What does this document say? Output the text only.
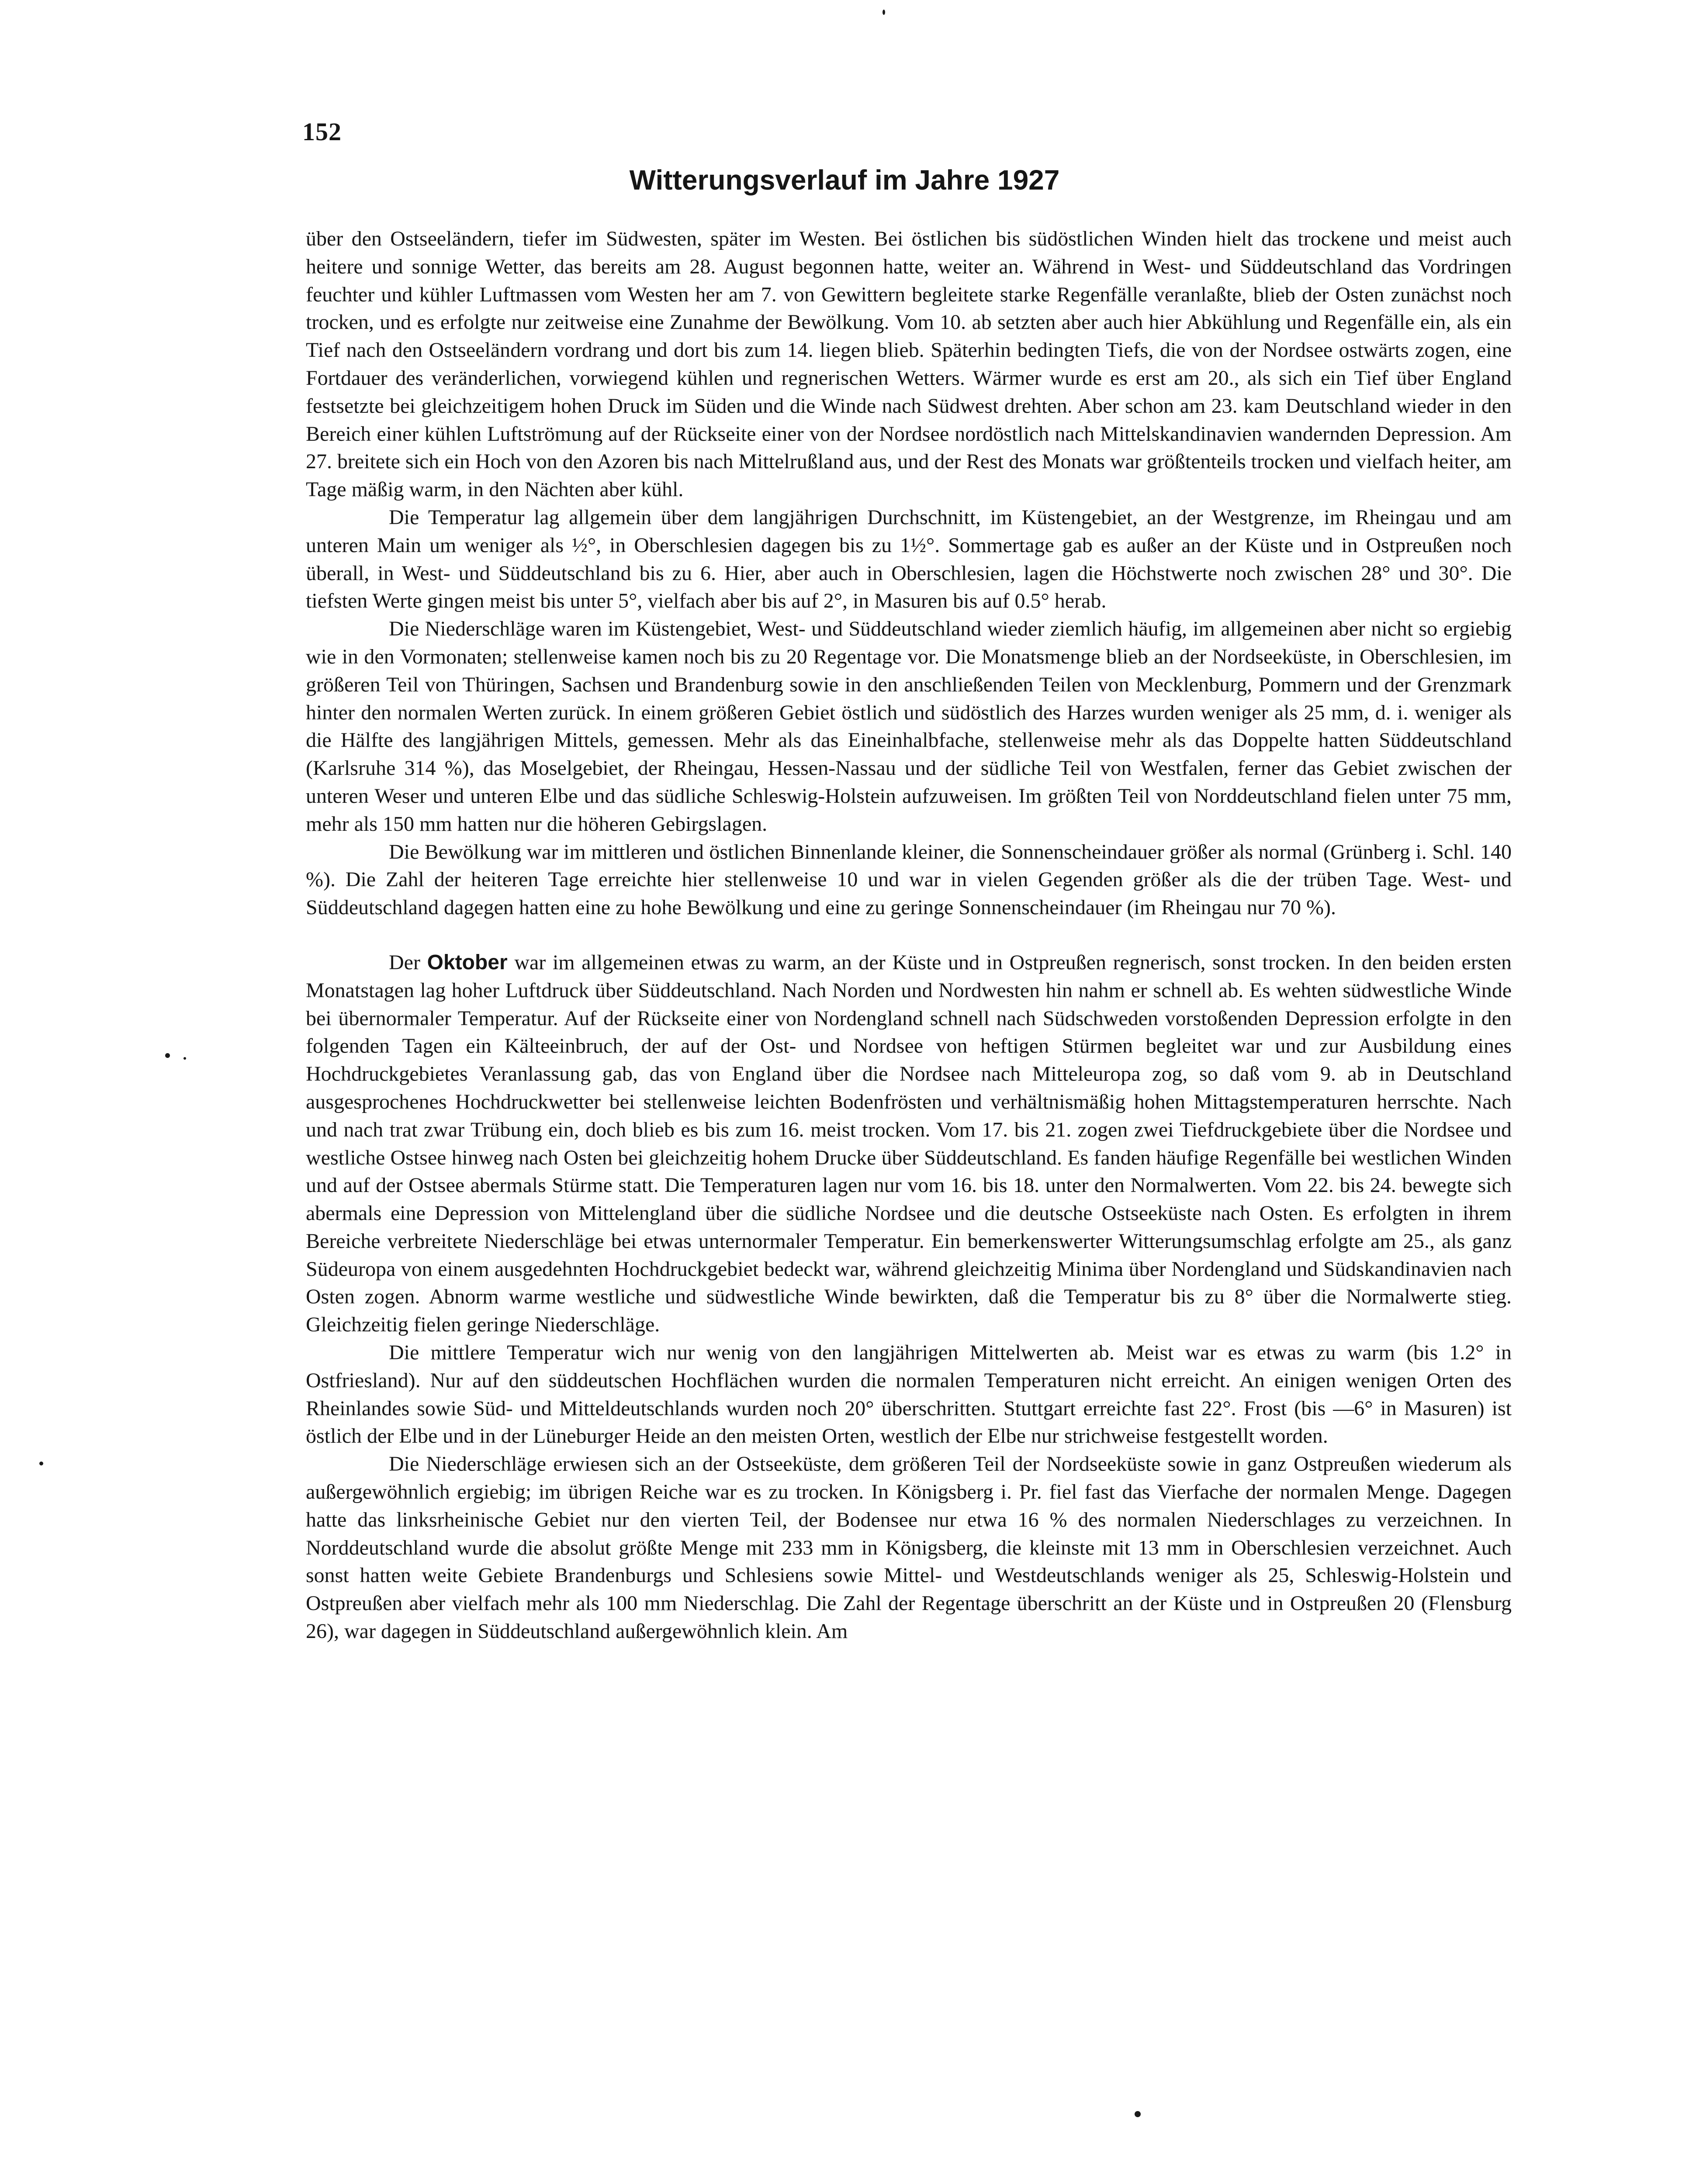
152
Witterungsverlauf im Jahre 1927

über den Ostseeländern, tiefer im Südwesten, später im Westen. Bei östlichen bis südöstlichen Winden hielt das trockene und meist auch heitere und sonnige Wetter, das bereits am 28. August begonnen hatte, weiter an. Während in West- und Süddeutschland das Vordringen feuchter und kühler Luftmassen vom Westen her am 7. von Gewittern begleitete starke Regenfälle veranlaßte, blieb der Osten zunächst noch trocken, und es erfolgte nur zeitweise eine Zunahme der Bewölkung. Vom 10. ab setzten aber auch hier Abkühlung und Regenfälle ein, als ein Tief nach den Ostseeländern vordrang und dort bis zum 14. liegen blieb. Späterhin bedingten Tiefs, die von der Nordsee ostwärts zogen, eine Fortdauer des veränderlichen, vorwiegend kühlen und regnerischen Wetters. Wärmer wurde es erst am 20., als sich ein Tief über England festsetzte bei gleichzeitigem hohen Druck im Süden und die Winde nach Südwest drehten. Aber schon am 23. kam Deutschland wieder in den Bereich einer kühlen Luftströmung auf der Rückseite einer von der Nordsee nordöstlich nach Mittelskandinavien wandernden Depression. Am 27. breitete sich ein Hoch von den Azoren bis nach Mittelrußland aus, und der Rest des Monats war größtenteils trocken und vielfach heiter, am Tage mäßig warm, in den Nächten aber kühl.

Die Temperatur lag allgemein über dem langjährigen Durchschnitt, im Küstengebiet, an der Westgrenze, im Rheingau und am unteren Main um weniger als ½°, in Oberschlesien dagegen bis zu 1½°. Sommertage gab es außer an der Küste und in Ostpreußen noch überall, in West- und Süddeutschland bis zu 6. Hier, aber auch in Oberschlesien, lagen die Höchstwerte noch zwischen 28° und 30°. Die tiefsten Werte gingen meist bis unter 5°, vielfach aber bis auf 2°, in Masuren bis auf 0.5° herab.

Die Niederschläge waren im Küstengebiet, West- und Süddeutschland wieder ziemlich häufig, im allgemeinen aber nicht so ergiebig wie in den Vormonaten; stellenweise kamen noch bis zu 20 Regentage vor. Die Monatsmenge blieb an der Nordseeküste, in Oberschlesien, im größeren Teil von Thüringen, Sachsen und Brandenburg sowie in den anschließenden Teilen von Mecklenburg, Pommern und der Grenzmark hinter den normalen Werten zurück. In einem größeren Gebiet östlich und südöstlich des Harzes wurden weniger als 25 mm, d. i. weniger als die Hälfte des langjährigen Mittels, gemessen. Mehr als das Eineinhalbfache, stellenweise mehr als das Doppelte hatten Süddeutschland (Karlsruhe 314 %), das Moselgebiet, der Rheingau, Hessen-Nassau und der südliche Teil von Westfalen, ferner das Gebiet zwischen der unteren Weser und unteren Elbe und das südliche Schleswig-Holstein aufzuweisen. Im größten Teil von Norddeutschland fielen unter 75 mm, mehr als 150 mm hatten nur die höheren Gebirgslagen.

Die Bewölkung war im mittleren und östlichen Binnenlande kleiner, die Sonnenscheindauer größer als normal (Grünberg i. Schl. 140 %). Die Zahl der heiteren Tage erreichte hier stellenweise 10 und war in vielen Gegenden größer als die der trüben Tage. West- und Süddeutschland dagegen hatten eine zu hohe Bewölkung und eine zu geringe Sonnenscheindauer (im Rheingau nur 70 %).

Der Oktober war im allgemeinen etwas zu warm, an der Küste und in Ostpreußen regnerisch, sonst trocken. In den beiden ersten Monatstagen lag hoher Luftdruck über Süddeutschland. Nach Norden und Nordwesten hin nahm er schnell ab. Es wehten südwestliche Winde bei übernormaler Temperatur. Auf der Rückseite einer von Nordengland schnell nach Südschweden vorstoßenden Depression erfolgte in den folgenden Tagen ein Kälteeinbruch, der auf der Ost- und Nordsee von heftigen Stürmen begleitet war und zur Ausbildung eines Hochdruckgebietes Veranlassung gab, das von England über die Nordsee nach Mitteleuropa zog, so daß vom 9. ab in Deutschland ausgesprochenes Hochdruckwetter bei stellenweise leichten Bodenfrösten und verhältnismäßig hohen Mittagstemperaturen herrschte. Nach und nach trat zwar Trübung ein, doch blieb es bis zum 16. meist trocken. Vom 17. bis 21. zogen zwei Tiefdruckgebiete über die Nordsee und westliche Ostsee hinweg nach Osten bei gleichzeitig hohem Drucke über Süddeutschland. Es fanden häufige Regenfälle bei westlichen Winden und auf der Ostsee abermals Stürme statt. Die Temperaturen lagen nur vom 16. bis 18. unter den Normalwerten. Vom 22. bis 24. bewegte sich abermals eine Depression von Mittelengland über die südliche Nordsee und die deutsche Ostseeküste nach Osten. Es erfolgten in ihrem Bereiche verbreitete Niederschläge bei etwas unternormaler Temperatur. Ein bemerkenswerter Witterungsumschlag erfolgte am 25., als ganz Südeuropa von einem ausgedehnten Hochdruckgebiet bedeckt war, während gleichzeitig Minima über Nordengland und Südskandinavien nach Osten zogen. Abnorm warme westliche und südwestliche Winde bewirkten, daß die Temperatur bis zu 8° über die Normalwerte stieg. Gleichzeitig fielen geringe Niederschläge.

Die mittlere Temperatur wich nur wenig von den langjährigen Mittelwerten ab. Meist war es etwas zu warm (bis 1.2° in Ostfriesland). Nur auf den süddeutschen Hochflächen wurden die normalen Temperaturen nicht erreicht. An einigen wenigen Orten des Rheinlandes sowie Süd- und Mitteldeutschlands wurden noch 20° überschritten. Stuttgart erreichte fast 22°. Frost (bis —6° in Masuren) ist östlich der Elbe und in der Lüneburger Heide an den meisten Orten, westlich der Elbe nur strichweise festgestellt worden.

Die Niederschläge erwiesen sich an der Ostseeküste, dem größeren Teil der Nordseeküste sowie in ganz Ostpreußen wiederum als außergewöhnlich ergiebig; im übrigen Reiche war es zu trocken. In Königsberg i. Pr. fiel fast das Vierfache der normalen Menge. Dagegen hatte das linksrheinische Gebiet nur den vierten Teil, der Bodensee nur etwa 16 % des normalen Niederschlages zu verzeichnen. In Norddeutschland wurde die absolut größte Menge mit 233 mm in Königsberg, die kleinste mit 13 mm in Oberschlesien verzeichnet. Auch sonst hatten weite Gebiete Brandenburgs und Schlesiens sowie Mittel- und Westdeutschlands weniger als 25, Schleswig-Holstein und Ostpreußen aber vielfach mehr als 100 mm Niederschlag. Die Zahl der Regentage überschritt an der Küste und in Ostpreußen 20 (Flensburg 26), war dagegen in Süddeutschland außergewöhnlich klein. Am
